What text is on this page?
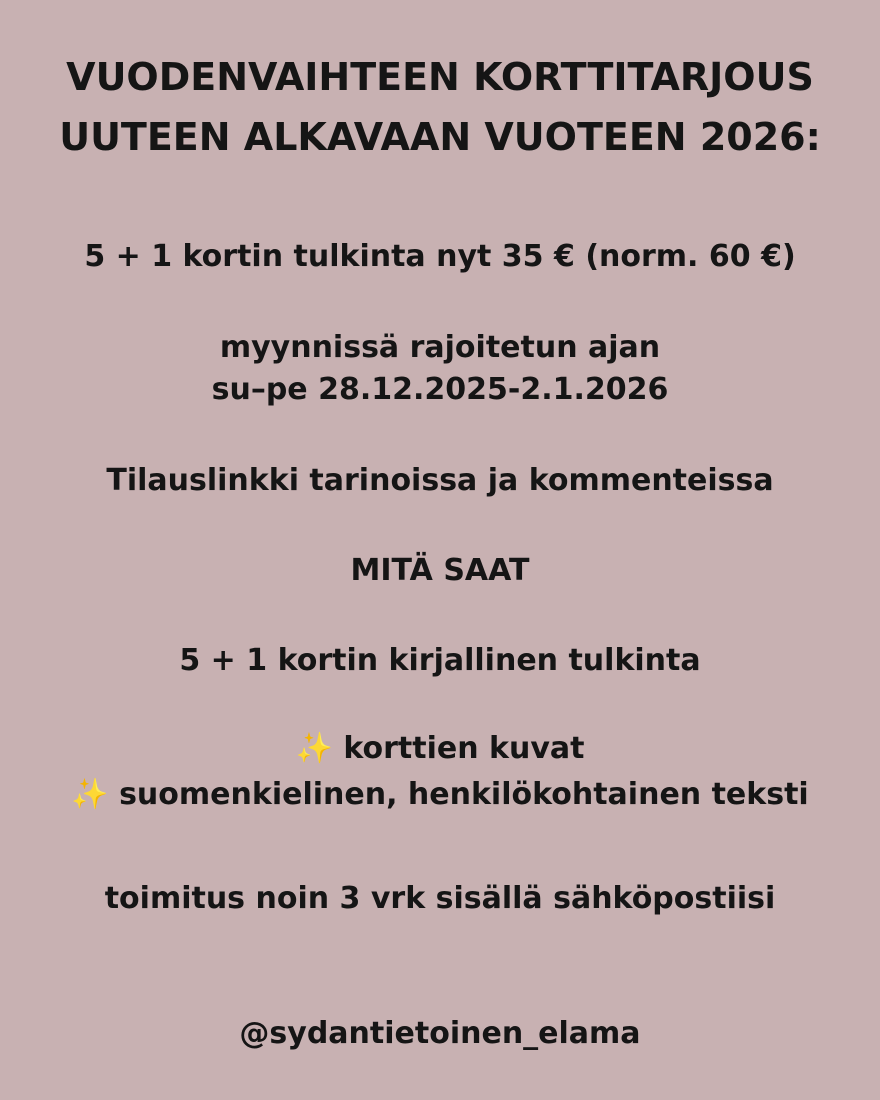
VUODENVAIHTEEN KORTTITARJOUS
UUTEEN ALKAVAAN VUOTEEN 2026:
5 + 1 kortin tulkinta nyt 35 € (norm. 60 €)
myynnissä rajoitetun ajan
su–pe 28.12.2025-2.1.2026
Tilauslinkki tarinoissa ja kommenteissa
MITÄ SAAT
5 + 1 kortin kirjallinen tulkinta
✨ korttien kuvat
✨ suomenkielinen, henkilökohtainen teksti
toimitus noin 3 vrk sisällä sähköpostiisi
@sydantietoinen_elama
